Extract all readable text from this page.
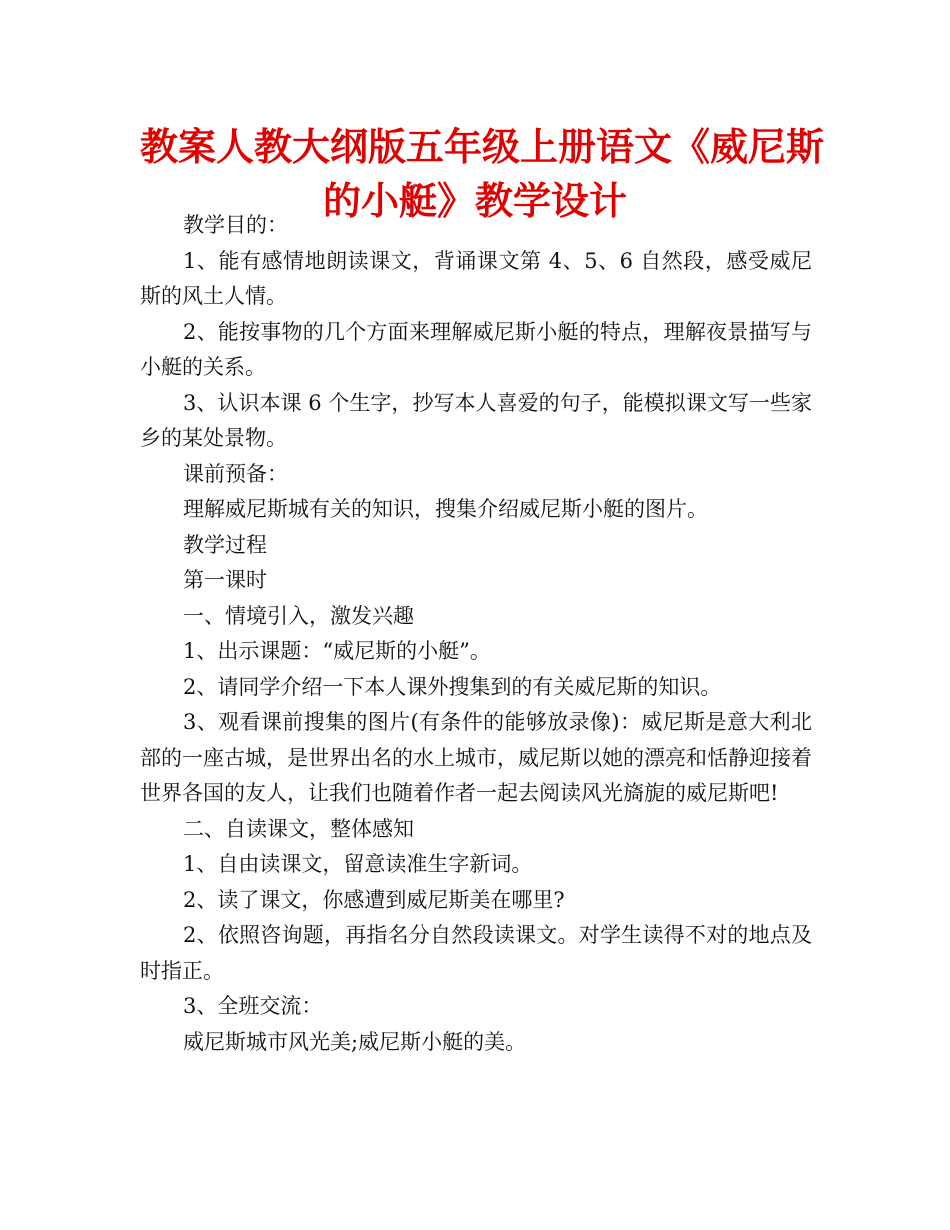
教案人教大纲版五年级上册语文《威尼斯
的小艇》教学设计

教学目的：

1、能有感情地朗读课文，背诵课文第 4、5、6 自然段，感受威尼斯的风土人情。

2、能按事物的几个方面来理解威尼斯小艇的特点，理解夜景描写与小艇的关系。

3、认识本课 6 个生字，抄写本人喜爱的句子，能模拟课文写一些家乡的某处景物。

课前预备：

理解威尼斯城有关的知识，搜集介绍威尼斯小艇的图片。

教学过程

第一课时

一、情境引入，激发兴趣

1、出示课题：“威尼斯的小艇”。

2、请同学介绍一下本人课外搜集到的有关威尼斯的知识。

3、观看课前搜集的图片(有条件的能够放录像)：威尼斯是意大利北部的一座古城，是世界出名的水上城市，威尼斯以她的漂亮和恬静迎接着世界各国的友人，让我们也随着作者一起去阅读风光旖旎的威尼斯吧!

二、自读课文，整体感知

1、自由读课文，留意读准生字新词。

2、读了课文，你感遭到威尼斯美在哪里?

2、依照咨询题，再指名分自然段读课文。对学生读得不对的地点及时指正。

3、全班交流：

威尼斯城市风光美;威尼斯小艇的美。
